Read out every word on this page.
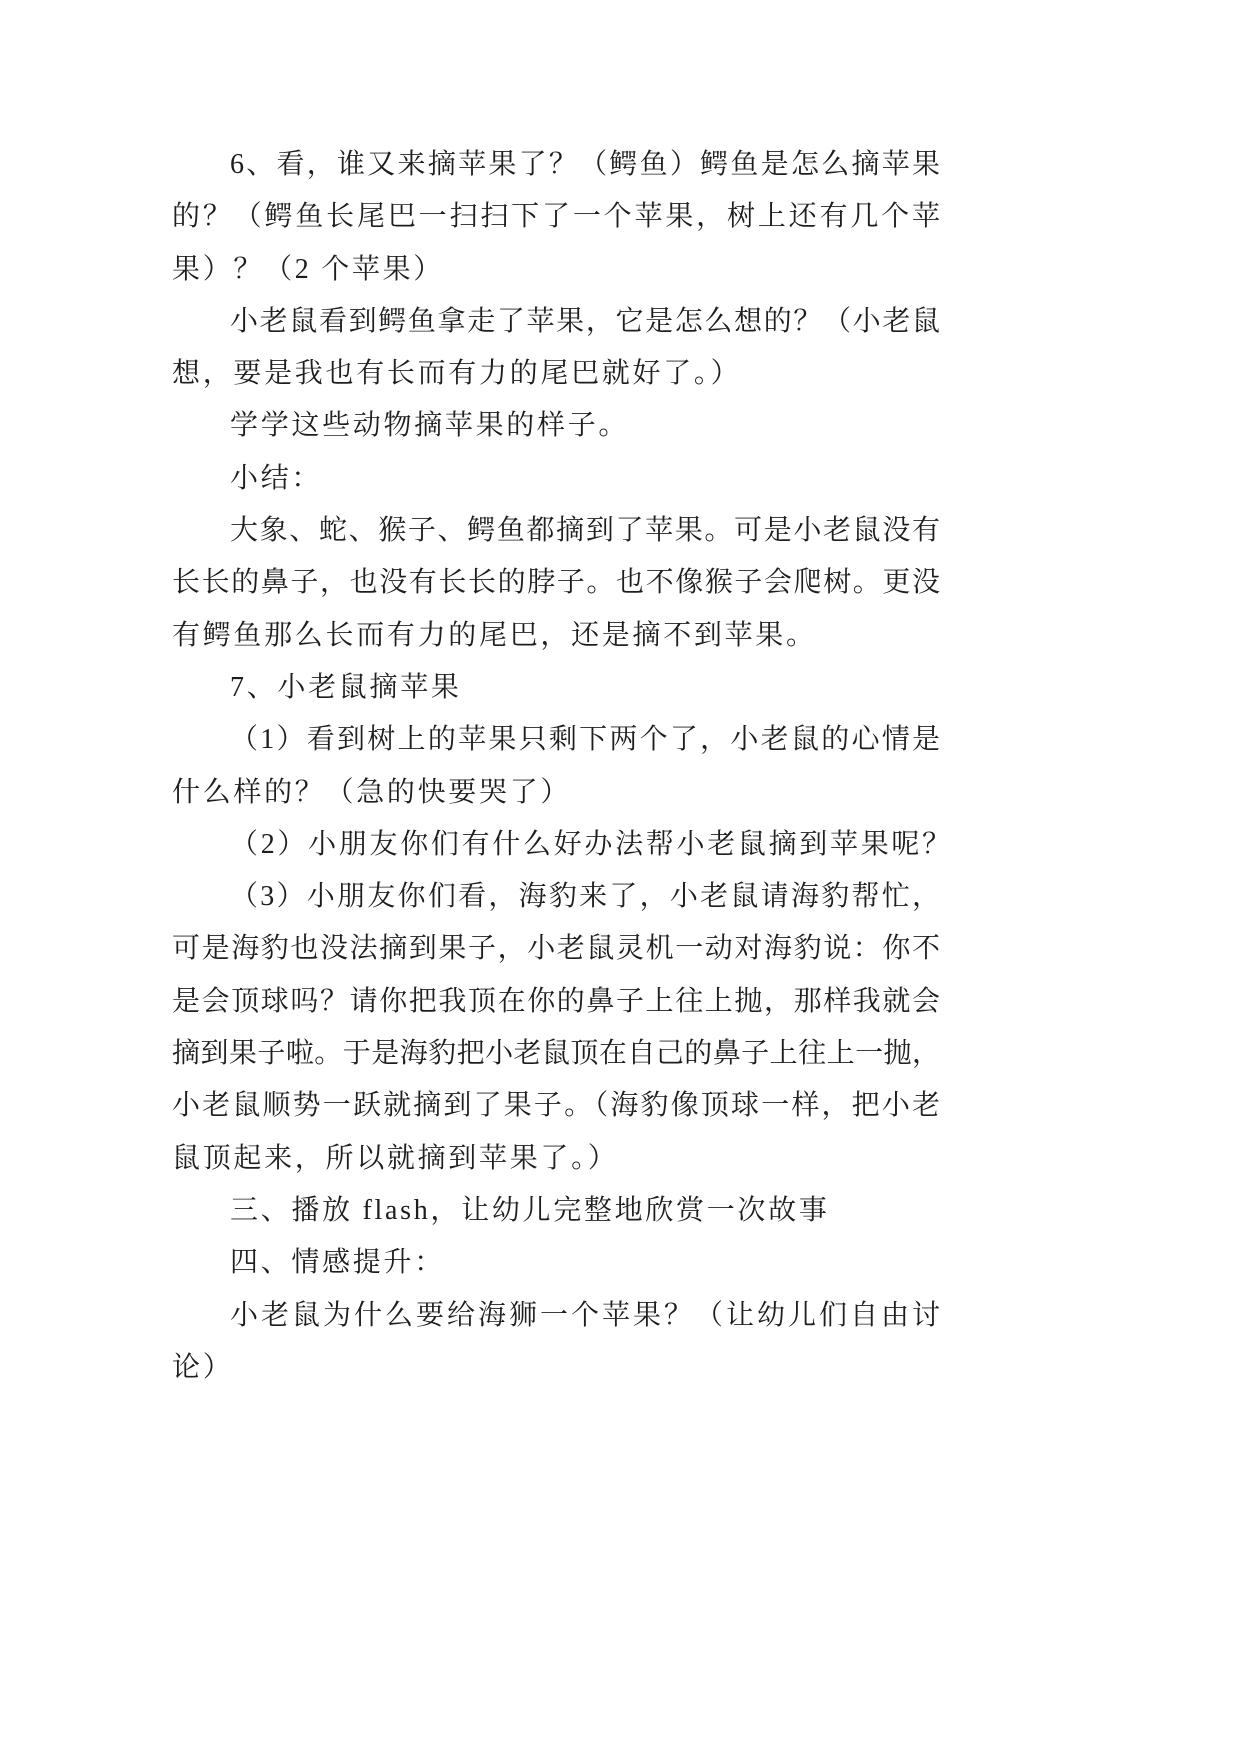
6、看，谁又来摘苹果了？（鳄鱼）鳄鱼是怎么摘苹果
的？（鳄鱼长尾巴一扫扫下了一个苹果，树上还有几个苹
果）？（2 个苹果）
小老鼠看到鳄鱼拿走了苹果，它是怎么想的？（小老鼠
想，要是我也有长而有力的尾巴就好了。）
学学这些动物摘苹果的样子。
小结：
大象、蛇、猴子、鳄鱼都摘到了苹果。可是小老鼠没有
长长的鼻子，也没有长长的脖子。也不像猴子会爬树。更没
有鳄鱼那么长而有力的尾巴，还是摘不到苹果。
7、小老鼠摘苹果
（1）看到树上的苹果只剩下两个了，小老鼠的心情是
什么样的？（急的快要哭了）
（2）小朋友你们有什么好办法帮小老鼠摘到苹果呢？
（3）小朋友你们看，海豹来了，小老鼠请海豹帮忙，
可是海豹也没法摘到果子，小老鼠灵机一动对海豹说：你不
是会顶球吗？请你把我顶在你的鼻子上往上抛，那样我就会
摘到果子啦。于是海豹把小老鼠顶在自己的鼻子上往上一抛，
小老鼠顺势一跃就摘到了果子。（海豹像顶球一样，把小老
鼠顶起来，所以就摘到苹果了。）
三、播放 flash，让幼儿完整地欣赏一次故事
四、情感提升：
小老鼠为什么要给海狮一个苹果？（让幼儿们自由讨
论）
